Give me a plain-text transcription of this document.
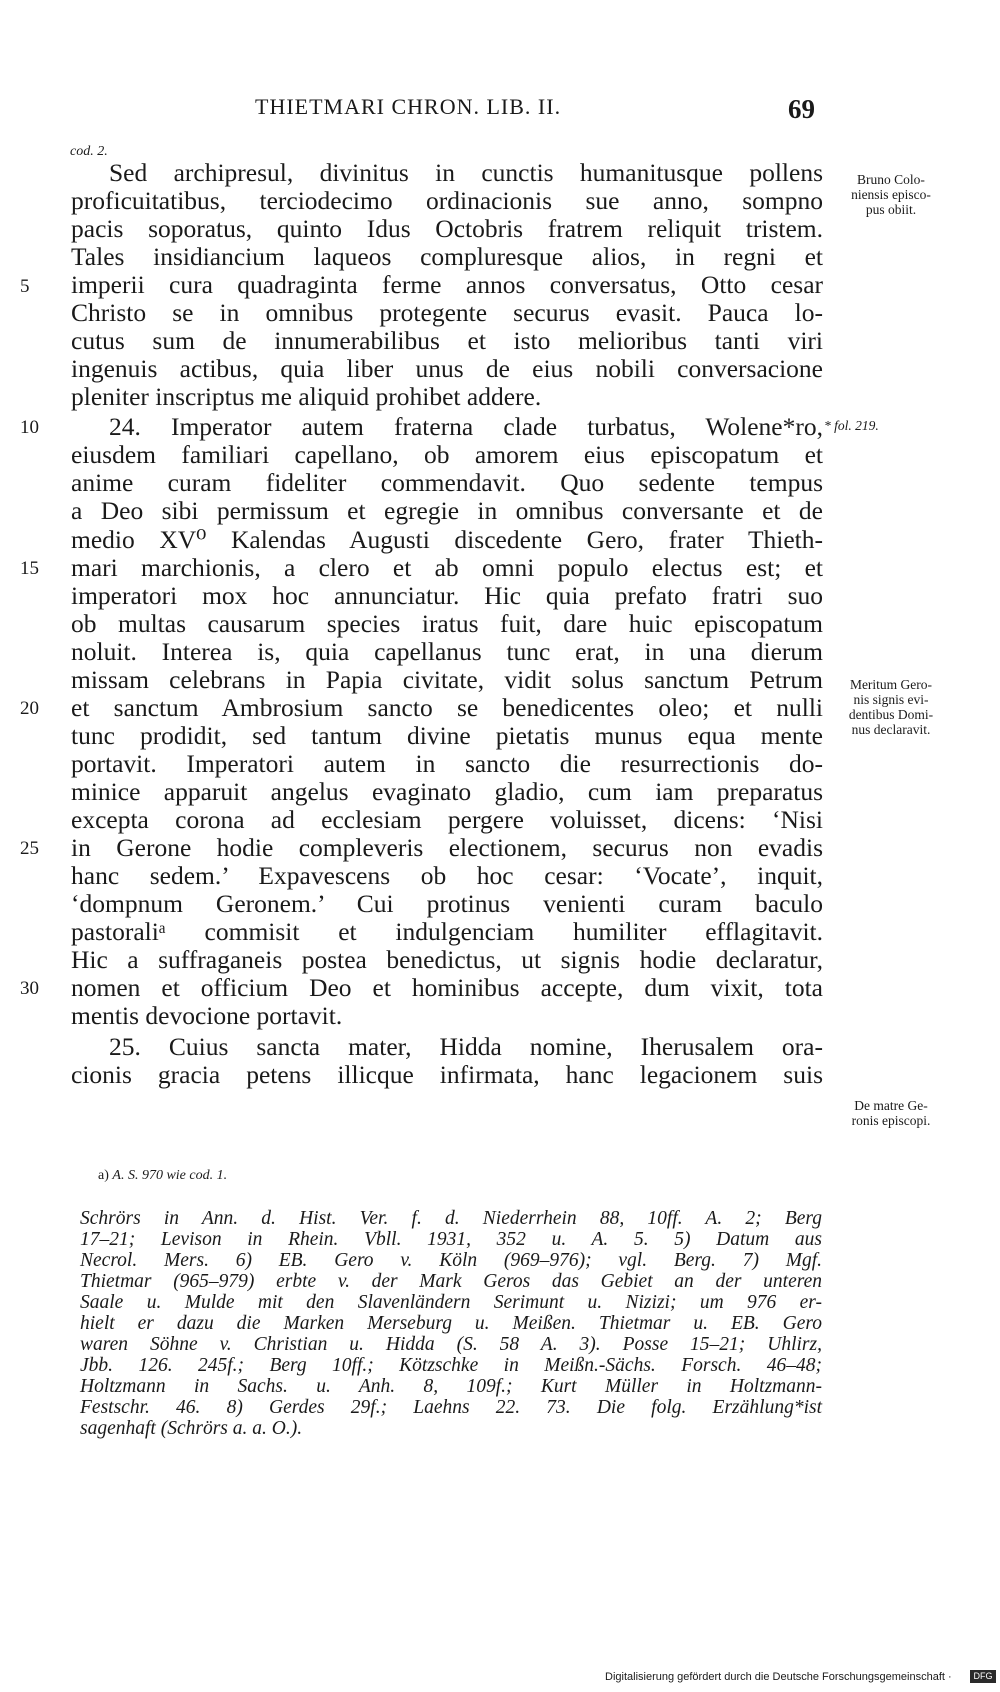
THIETMARI CHRON. LIB. II.	69
cod. 2.
Sed archipresul, divinitus in cunctis humanitusque pollens
proficuitatibus, terciodecimo ordinacionis sue anno, sompno
pacis soporatus, quinto Idus Octobris fratrem reliquit tristem.
Tales insidiancium laqueos compluresque alios, in regni et
imperii cura quadraginta ferme annos conversatus, Otto cesar
Christo se in omnibus protegente securus evasit. Pauca lo-
cutus sum de innumerabilibus et isto melioribus tanti viri
ingenuis actibus, quia liber unus de eius nobili conversacione
pleniter inscriptus me aliquid prohibet addere.
24. Imperator autem fraterna clade turbatus, Wolene*ro,
eiusdem familiari capellano, ob amorem eius episcopatum et
anime curam fideliter commendavit. Quo sedente tempus
a Deo sibi permissum et egregie in omnibus conversante et de
medio XV⁰ Kalendas Augusti discedente Gero, frater Thieth-
mari marchionis, a clero et ab omni populo electus est; et
imperatori mox hoc annunciatur. Hic quia prefato fratri suo
ob multas causarum species iratus fuit, dare huic episcopatum
noluit. Interea is, quia capellanus tunc erat, in una dierum
missam celebrans in Papia civitate, vidit solus sanctum Petrum
et sanctum Ambrosium sancto se benedicentes oleo; et nulli
tunc prodidit, sed tantum divine pietatis munus equa mente
portavit. Imperatori autem in sancto die resurrectionis do-
minice apparuit angelus evaginato gladio, cum iam preparatus
excepta corona ad ecclesiam pergere voluisset, dicens: ‘Nisi
in Gerone hodie compleveris electionem, securus non evadis
hanc sedem.’ Expavescens ob hoc cesar: ‘Vocate’, inquit,
‘dompnum Geronem.’ Cui protinus venienti curam baculo
pastoraliᵃ commisit et indulgenciam humiliter efflagitavit.
Hic a suffraganeis postea benedictus, ut signis hodie declaratur,
nomen et officium Deo et hominibus accepte, dum vixit, tota
mentis devocione portavit.
25. Cuius sancta mater, Hidda nomine, Iherusalem ora-
cionis gracia petens illicque infirmata, hanc legacionem suis
5
10
15
20
25
30
Bruno Colo-
niensis episco-
pus obiit.
* fol. 219.
Meritum Gero-
nis signis evi-
dentibus Domi-
nus declaravit.
De matre Ge-
ronis episcopi.
a) A. S. 970 wie cod. 1.
Schrörs in Ann. d. Hist. Ver. f. d. Niederrhein 88, 10ff. A. 2; Berg
17–21; Levison in Rhein. Vbll. 1931, 352 u. A. 5. 5) Datum aus
Necrol. Mers. 6) EB. Gero v. Köln (969–976); vgl. Berg. 7) Mgf.
Thietmar (965–979) erbte v. der Mark Geros das Gebiet an der unteren
Saale u. Mulde mit den Slavenländern Serimunt u. Nizizi; um 976 er-
hielt er dazu die Marken Merseburg u. Meißen. Thietmar u. EB. Gero
waren Söhne v. Christian u. Hidda (S. 58 A. 3). Posse 15–21; Uhlirz,
Jbb. 126. 245f.; Berg 10ff.; Kötzschke in Meißn.-Sächs. Forsch. 46–48;
Holtzmann in Sachs. u. Anh. 8, 109f.; Kurt Müller in Holtzmann-
Festschr. 46. 8) Gerdes 29f.; Laehns 22. 73. Die folg. Erzählung*ist
sagenhaft (Schrörs a. a. O.).
Digitalisierung gefördert durch die Deutsche Forschungsgemeinschaft ·	DFG
